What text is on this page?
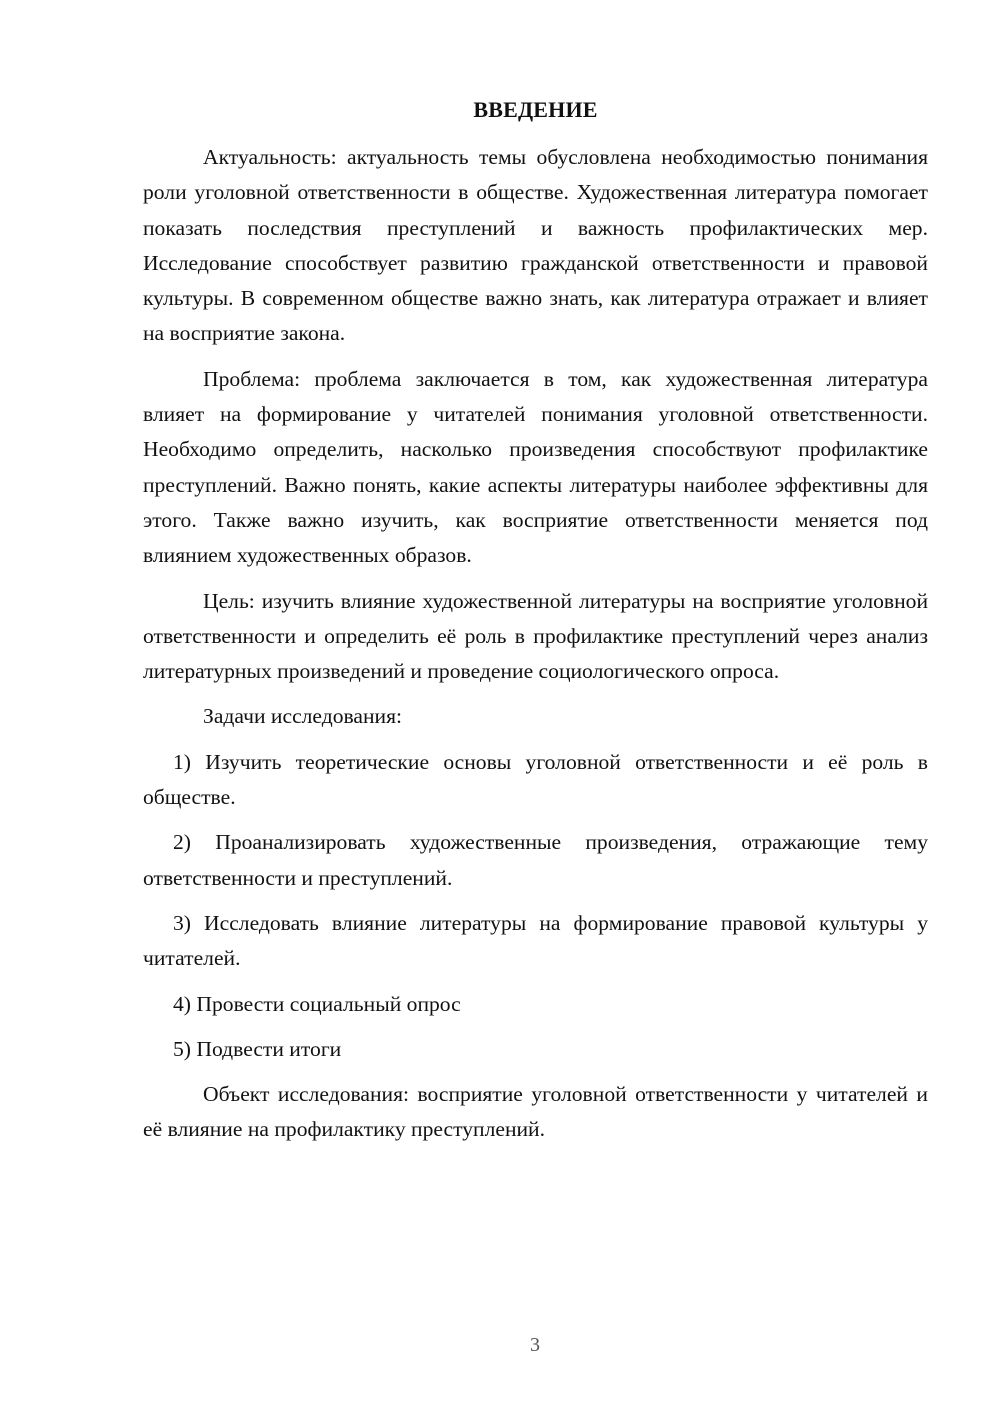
ВВЕДЕНИЕ

Актуальность: актуальность темы обусловлена необходимостью понимания роли уголовной ответственности в обществе. Художественная литература помогает показать последствия преступлений и важность профилактических мер. Исследование способствует развитию гражданской ответственности и правовой культуры. В современном обществе важно знать, как литература отражает и влияет на восприятие закона.

Проблема: проблема заключается в том, как художественная литература влияет на формирование у читателей понимания уголовной ответственности. Необходимо определить, насколько произведения способствуют профилактике преступлений. Важно понять, какие аспекты литературы наиболее эффективны для этого. Также важно изучить, как восприятие ответственности меняется под влиянием художественных образов.

Цель: изучить влияние художественной литературы на восприятие уголовной ответственности и определить её роль в профилактике преступлений через анализ литературных произведений и проведение социологического опроса.

Задачи исследования:

1) Изучить теоретические основы уголовной ответственности и её роль в обществе.

2) Проанализировать художественные произведения, отражающие тему ответственности и преступлений.

3) Исследовать влияние литературы на формирование правовой культуры у читателей.

4) Провести социальный опрос

5) Подвести итоги

Объект исследования: восприятие уголовной ответственности у читателей и её влияние на профилактику преступлений.

3
